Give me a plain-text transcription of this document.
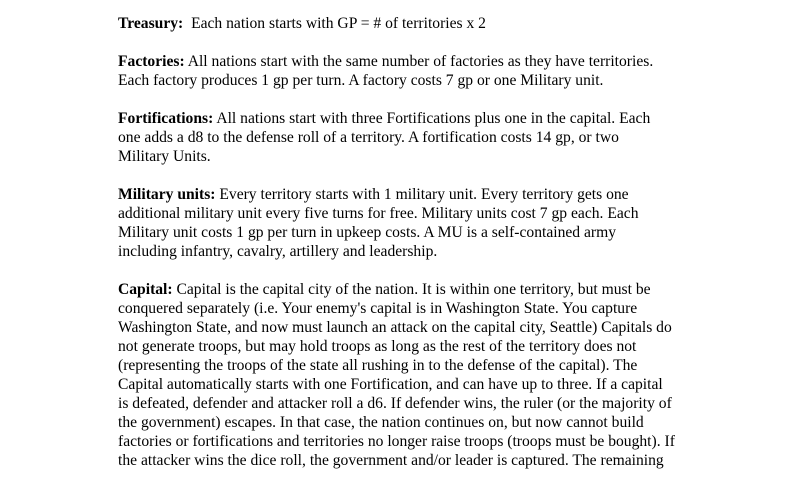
Treasury:  Each nation starts with GP = # of territories x 2

Factories: All nations start with the same number of factories as they have territories.
Each factory produces 1 gp per turn. A factory costs 7 gp or one Military unit.

Fortifications: All nations start with three Fortifications plus one in the capital. Each
one adds a d8 to the defense roll of a territory. A fortification costs 14 gp, or two
Military Units.

Military units: Every territory starts with 1 military unit. Every territory gets one
additional military unit every five turns for free. Military units cost 7 gp each. Each
Military unit costs 1 gp per turn in upkeep costs. A MU is a self-contained army
including infantry, cavalry, artillery and leadership.

Capital: Capital is the capital city of the nation. It is within one territory, but must be
conquered separately (i.e. Your enemy's capital is in Washington State. You capture
Washington State, and now must launch an attack on the capital city, Seattle) Capitals do
not generate troops, but may hold troops as long as the rest of the territory does not
(representing the troops of the state all rushing in to the defense of the capital). The
Capital automatically starts with one Fortification, and can have up to three. If a capital
is defeated, defender and attacker roll a d6. If defender wins, the ruler (or the majority of
the government) escapes. In that case, the nation continues on, but now cannot build
factories or fortifications and territories no longer raise troops (troops must be bought). If
the attacker wins the dice roll, the government and/or leader is captured. The remaining
